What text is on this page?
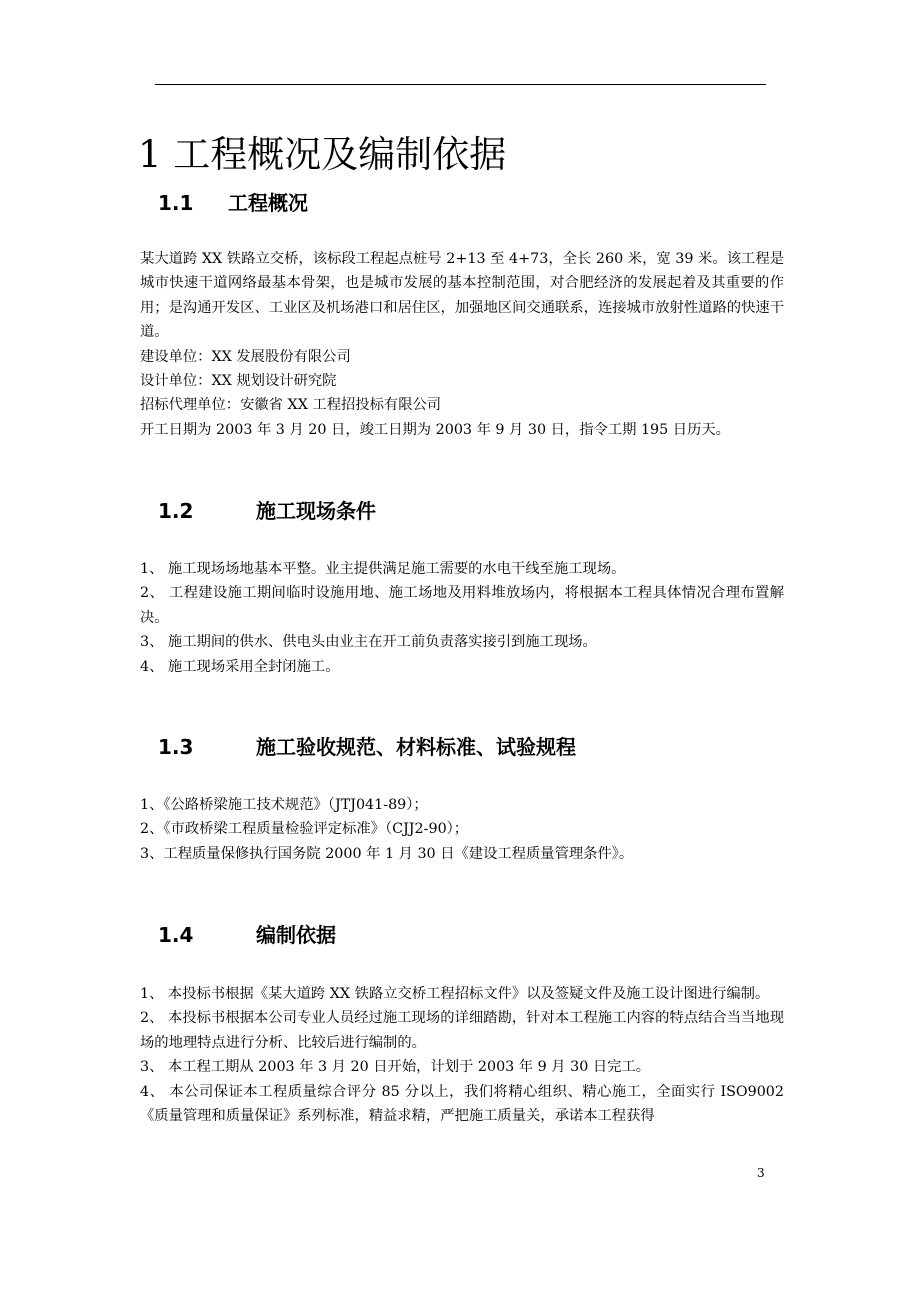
1 工程概况及编制依据
1.1 工程概况

某大道跨 XX 铁路立交桥，该标段工程起点桩号 2+13 至 4+73，全长 260 米，宽 39 米。该工程是城市快速干道网络最基本骨架，也是城市发展的基本控制范围，对合肥经济的发展起着及其重要的作用；是沟通开发区、工业区及机场港口和居住区，加强地区间交通联系，连接城市放射性道路的快速干道。

建设单位：XX 发展股份有限公司

设计单位：XX 规划设计研究院

招标代理单位：安徽省 XX 工程招投标有限公司

开工日期为 2003 年 3 月 20 日，竣工日期为 2003 年 9 月 30 日，指令工期 195 日历天。

1.2	施工现场条件

1、 施工现场场地基本平整。业主提供满足施工需要的水电干线至施工现场。

2、 工程建设施工期间临时设施用地、施工场地及用料堆放场内，将根据本工程具体情况合理布置解决。

3、 施工期间的供水、供电头由业主在开工前负责落实接引到施工现场。

4、 施工现场采用全封闭施工。

1.3	施工验收规范、材料标准、试验规程

1、《公路桥梁施工技术规范》（JTJ041-89）；

2、《市政桥梁工程质量检验评定标准》（CJJ2-90）；

3、工程质量保修执行国务院 2000 年 1 月 30 日《建设工程质量管理条件》。

1.4	编制依据

1、 本投标书根据《某大道跨 XX 铁路立交桥工程招标文件》以及签疑文件及施工设计图进行编制。

2、 本投标书根据本公司专业人员经过施工现场的详细踏勘，针对本工程施工内容的特点结合当当地现场的地理特点进行分析、比较后进行编制的。

3、 本工程工期从 2003 年 3 月 20 日开始，计划于 2003 年 9 月 30 日完工。

4、 本公司保证本工程质量综合评分 85 分以上，我们将精心组织、精心施工，全面实行 ISO9002《质量管理和质量保证》系列标准，精益求精，严把施工质量关，承诺本工程获得

3
